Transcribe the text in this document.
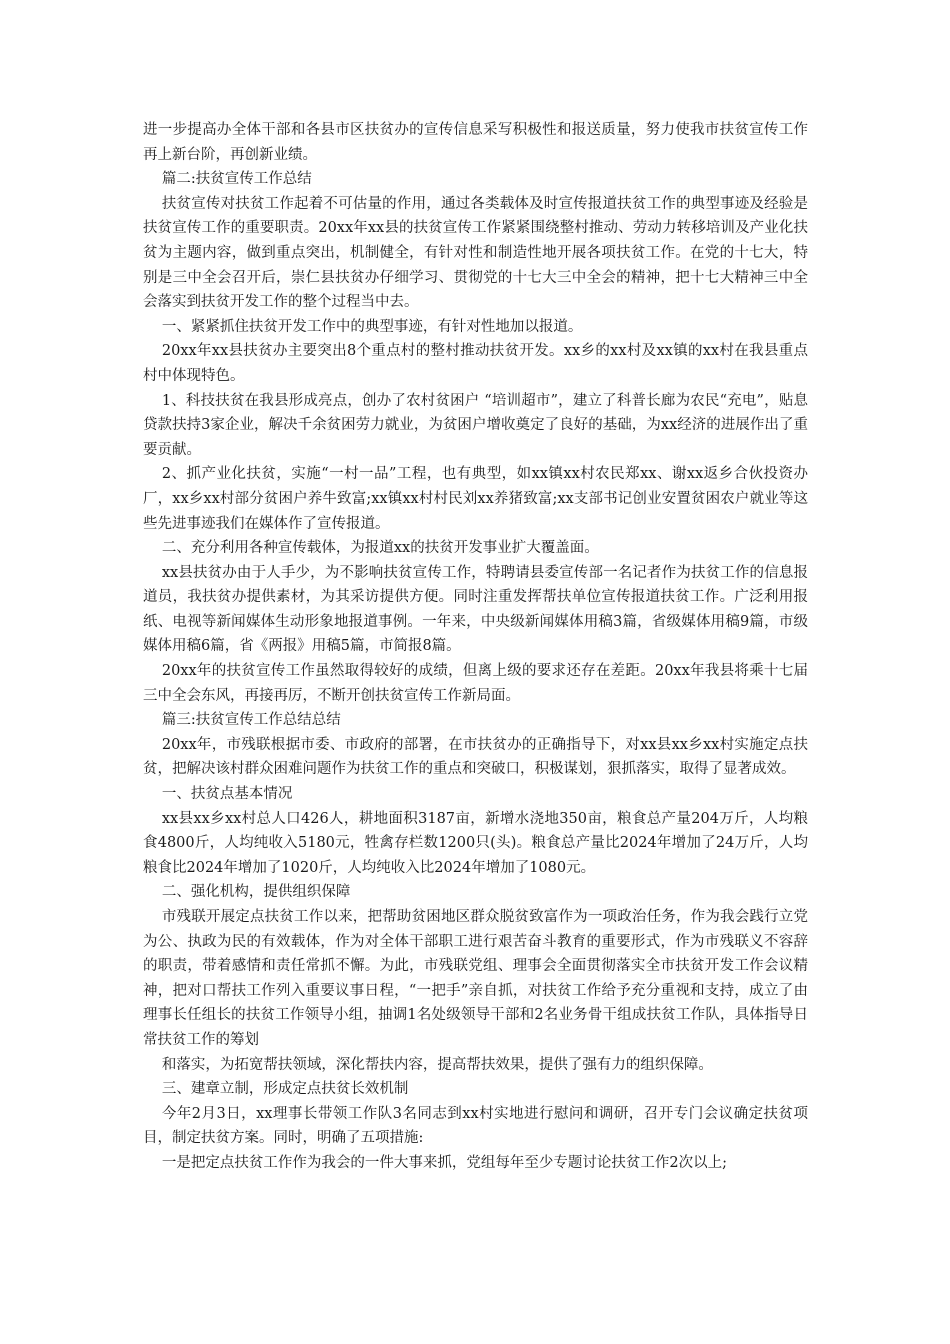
进一步提高办全体干部和各县市区扶贫办的宣传信息采写积极性和报送质量，努力使我市扶贫宣传工作再上新台阶，再创新业绩。

篇二:扶贫宣传工作总结

扶贫宣传对扶贫工作起着不可估量的作用，通过各类载体及时宣传报道扶贫工作的典型事迹及经验是扶贫宣传工作的重要职责。20xx年xx县的扶贫宣传工作紧紧围绕整村推动、劳动力转移培训及产业化扶贫为主题内容，做到重点突出，机制健全，有针对性和制造性地开展各项扶贫工作。在党的十七大，特别是三中全会召开后，崇仁县扶贫办仔细学习、贯彻党的十七大三中全会的精神，把十七大精神三中全会落实到扶贫开发工作的整个过程当中去。

一、紧紧抓住扶贫开发工作中的典型事迹，有针对性地加以报道。

20xx年xx县扶贫办主要突出8个重点村的整村推动扶贫开发。xx乡的xx村及xx镇的xx村在我县重点村中体现特色。

1、科技扶贫在我县形成亮点，创办了农村贫困户 “培训超市”，建立了科普长廊为农民“充电”，贴息贷款扶持3家企业，解决千余贫困劳力就业，为贫困户增收奠定了良好的基础，为xx经济的进展作出了重要贡献。

2、抓产业化扶贫，实施“一村一品”工程，也有典型，如xx镇xx村农民郑xx、谢xx返乡合伙投资办厂，xx乡xx村部分贫困户养牛致富;xx镇xx村村民刘xx养猪致富;xx支部书记创业安置贫困农户就业等这些先进事迹我们在媒体作了宣传报道。

二、充分利用各种宣传载体，为报道xx的扶贫开发事业扩大覆盖面。

xx县扶贫办由于人手少，为不影响扶贫宣传工作，特聘请县委宣传部一名记者作为扶贫工作的信息报道员，我扶贫办提供素材，为其采访提供方便。同时注重发挥帮扶单位宣传报道扶贫工作。广泛利用报纸、电视等新闻媒体生动形象地报道事例。一年来，中央级新闻媒体用稿3篇，省级媒体用稿9篇，市级媒体用稿6篇，省《两报》用稿5篇，市简报8篇。

20xx年的扶贫宣传工作虽然取得较好的成绩，但离上级的要求还存在差距。20xx年我县将乘十七届三中全会东风，再接再厉，不断开创扶贫宣传工作新局面。

篇三:扶贫宣传工作总结总结

20xx年，市残联根据市委、市政府的部署，在市扶贫办的正确指导下，对xx县xx乡xx村实施定点扶贫，把解决该村群众困难问题作为扶贫工作的重点和突破口，积极谋划，狠抓落实，取得了显著成效。

一、扶贫点基本情况

xx县xx乡xx村总人口426人，耕地面积3187亩，新增水浇地350亩，粮食总产量204万斤，人均粮食4800斤，人均纯收入5180元，牲禽存栏数1200只(头)。粮食总产量比2024年增加了24万斤，人均粮食比2024年增加了1020斤，人均纯收入比2024年增加了1080元。

二、强化机构，提供组织保障

市残联开展定点扶贫工作以来，把帮助贫困地区群众脱贫致富作为一项政治任务，作为我会践行立党为公、执政为民的有效载体，作为对全体干部职工进行艰苦奋斗教育的重要形式，作为市残联义不容辞的职责，带着感情和责任常抓不懈。为此，市残联党组、理事会全面贯彻落实全市扶贫开发工作会议精神，把对口帮扶工作列入重要议事日程，“一把手”亲自抓，对扶贫工作给予充分重视和支持，成立了由理事长任组长的扶贫工作领导小组，抽调1名处级领导干部和2名业务骨干组成扶贫工作队，具体指导日常扶贫工作的筹划

和落实，为拓宽帮扶领域，深化帮扶内容，提高帮扶效果，提供了强有力的组织保障。

三、建章立制，形成定点扶贫长效机制

今年2月3日，xx理事长带领工作队3名同志到xx村实地进行慰问和调研，召开专门会议确定扶贫项目，制定扶贫方案。同时，明确了五项措施:

一是把定点扶贫工作作为我会的一件大事来抓，党组每年至少专题讨论扶贫工作2次以上;
